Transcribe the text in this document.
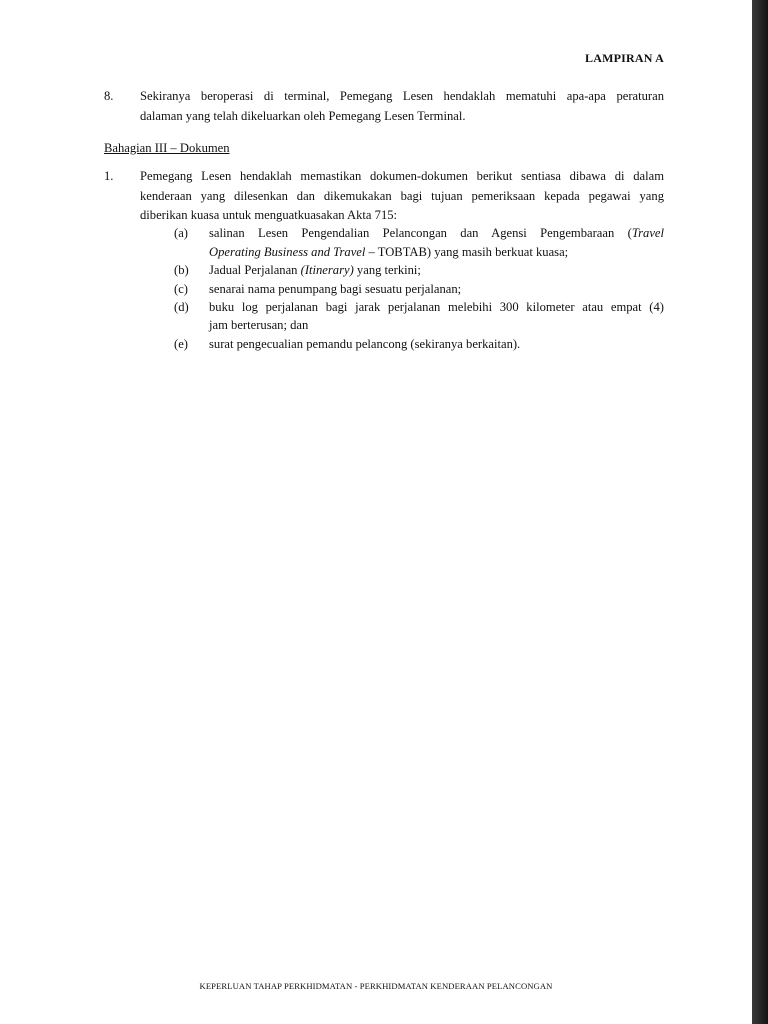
LAMPIRAN A
8. Sekiranya beroperasi di terminal, Pemegang Lesen hendaklah mematuhi apa-apa peraturan
dalaman yang telah dikeluarkan oleh Pemegang Lesen Terminal.
Bahagian III – Dokumen
1. Pemegang Lesen hendaklah memastikan dokumen-dokumen berikut sentiasa dibawa di dalam
kenderaan yang dilesenkan dan dikemukakan bagi tujuan pemeriksaan kepada pegawai yang
diberikan kuasa untuk menguatkuasakan Akta 715:
(a) salinan Lesen Pengendalian Pelancongan dan Agensi Pengembaraan (Travel
Operating Business and Travel – TOBTAB) yang masih berkuat kuasa;
(b) Jadual Perjalanan (Itinerary) yang terkini;
(c) senarai nama penumpang bagi sesuatu perjalanan;
(d) buku log perjalanan bagi jarak perjalanan melebihi 300 kilometer atau empat (4)
jam berterusan; dan
(e) surat pengecualian pemandu pelancong (sekiranya berkaitan).
KEPERLUAN TAHAP PERKHIDMATAN - PERKHIDMATAN KENDERAAN PELANCONGAN
